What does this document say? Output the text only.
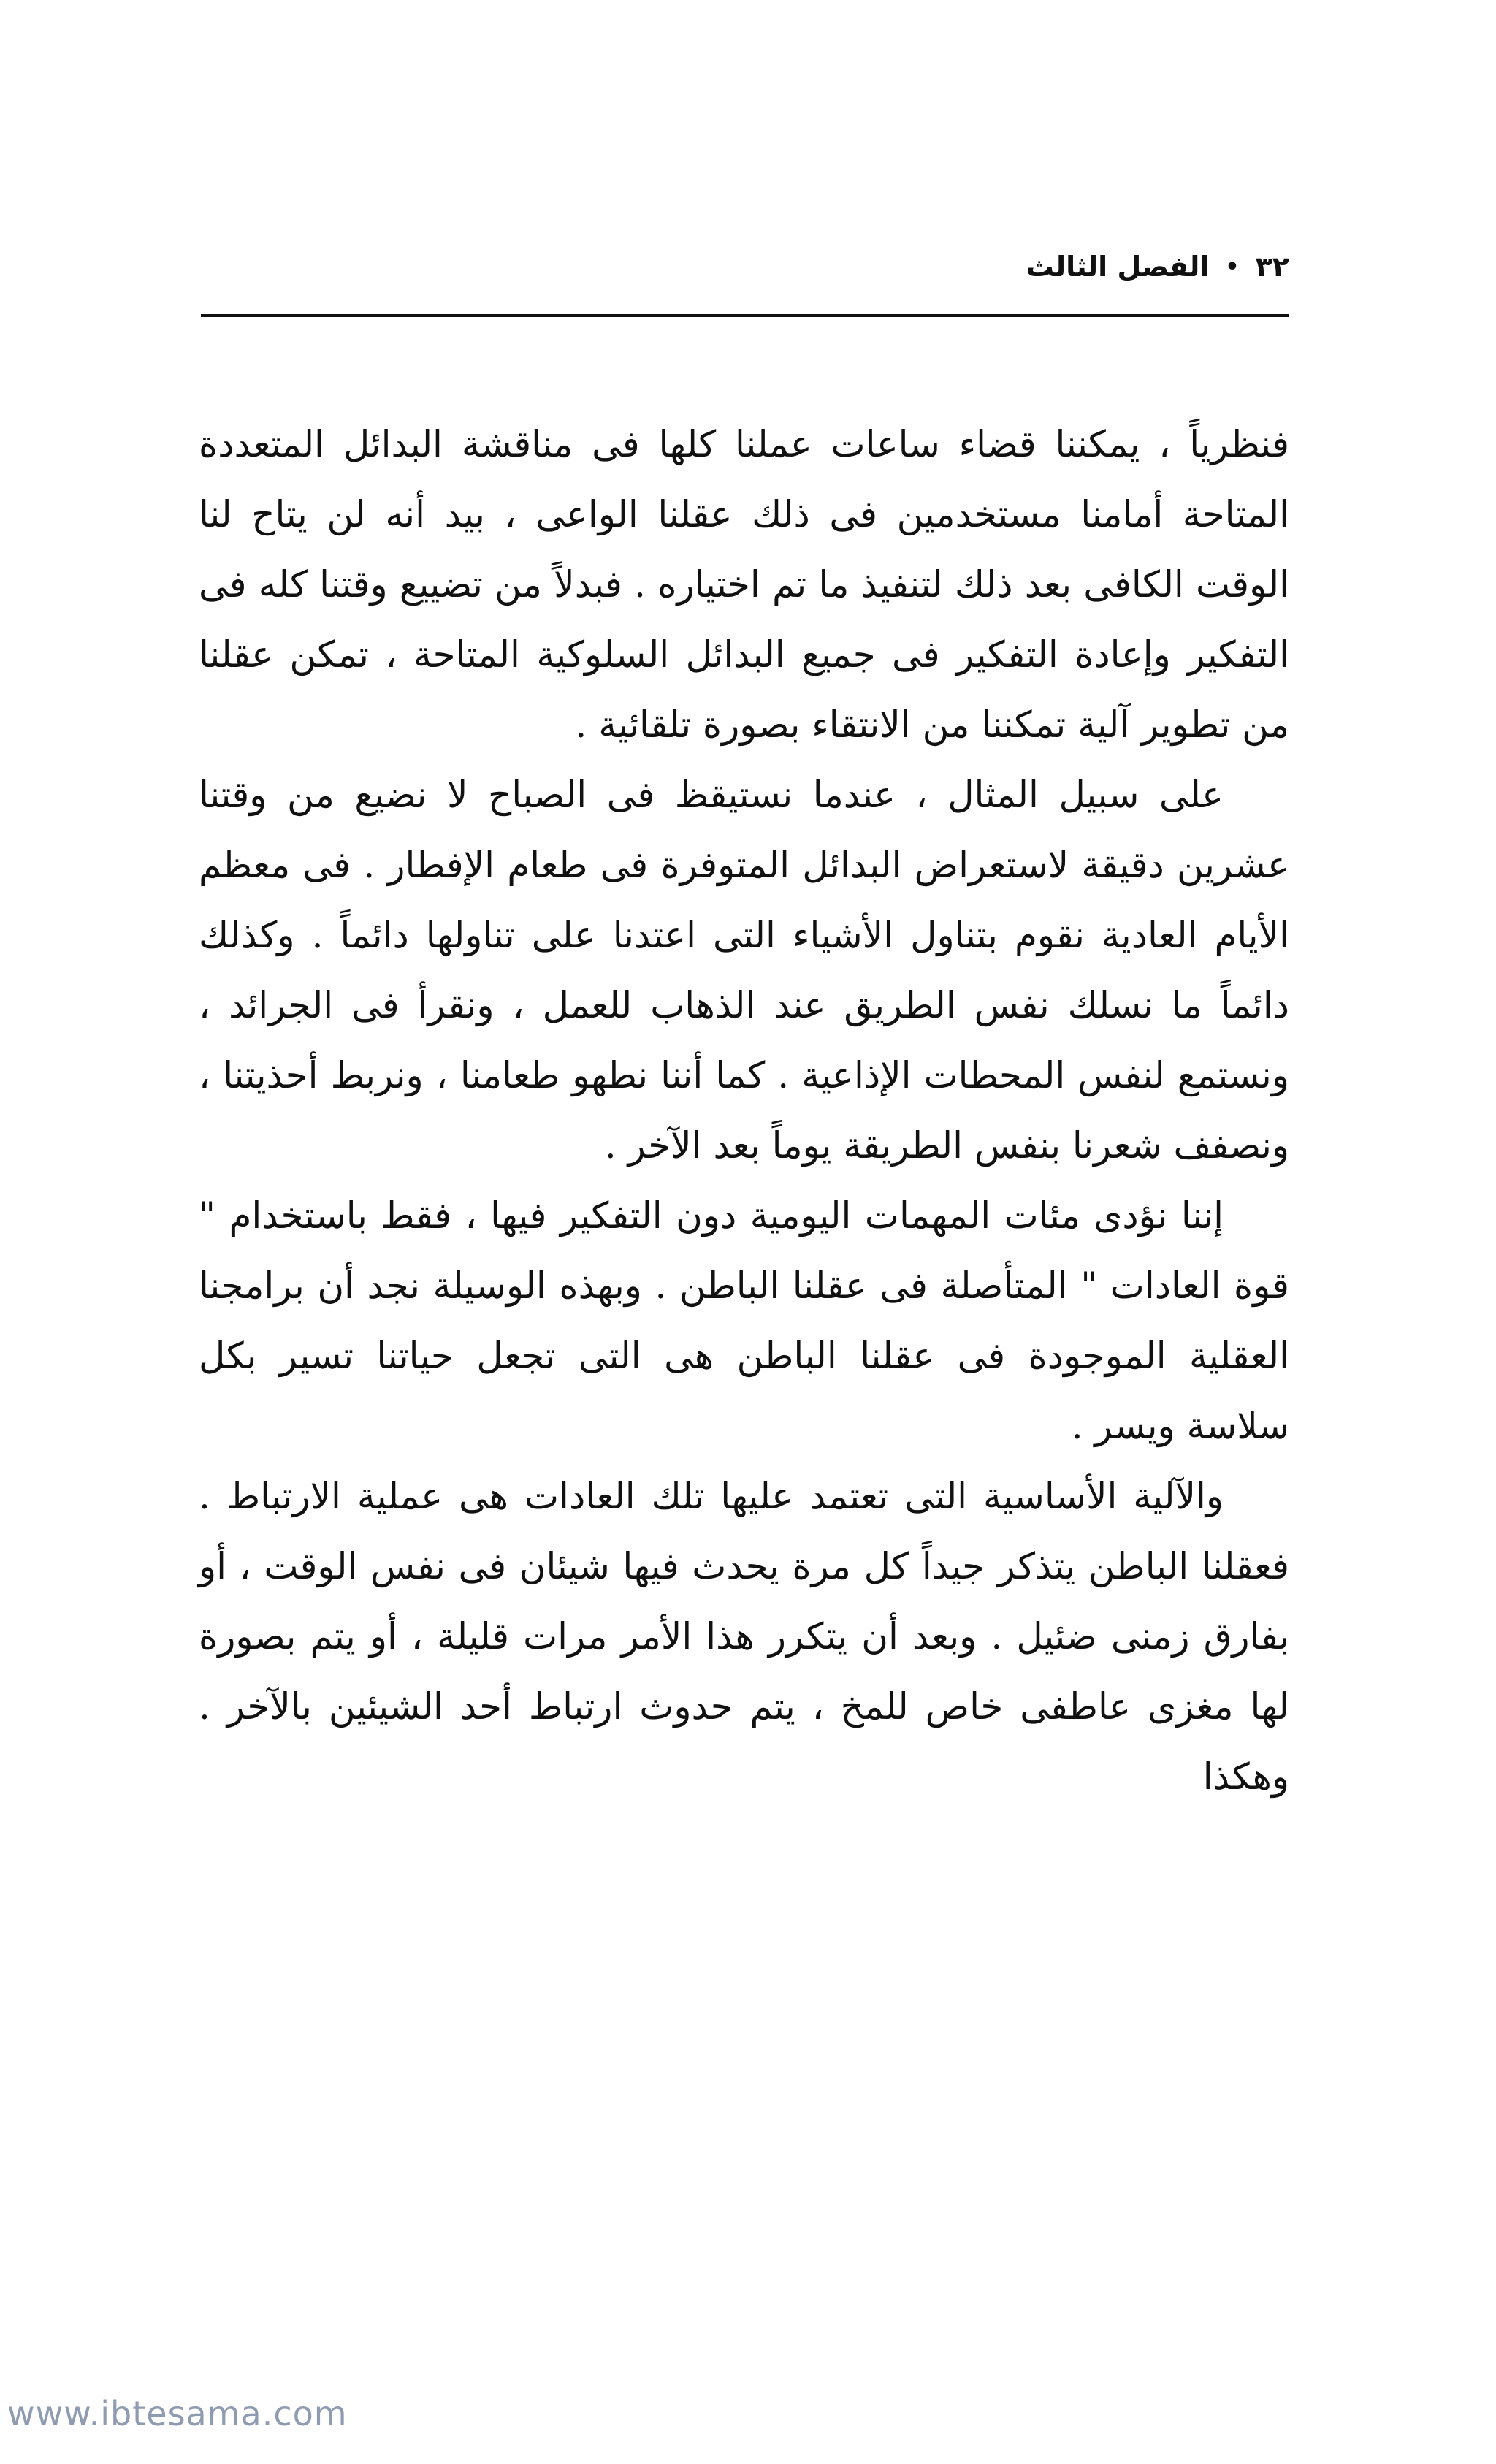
٣٢
•
الفصل الثالث

فنظرياً ، يمكننا قضاء ساعات عملنا كلها فى مناقشة البدائل المتعددة المتاحة أمامنا مستخدمين فى ذلك عقلنا الواعى ، بيد أنه لن يتاح لنا الوقت الكافى بعد ذلك لتنفيذ ما تم اختياره . فبدلاً من تضييع وقتنا كله فى التفكير وإعادة التفكير فى جميع البدائل السلوكية المتاحة ، تمكن عقلنا من تطوير آلية تمكننا من الانتقاء بصورة تلقائية .

على سبيل المثال ، عندما نستيقظ فى الصباح لا نضيع من وقتنا عشرين دقيقة لاستعراض البدائل المتوفرة فى طعام الإفطار . فى معظم الأيام العادية نقوم بتناول الأشياء التى اعتدنا على تناولها دائماً . وكذلك دائماً ما نسلك نفس الطريق عند الذهاب للعمل ، ونقرأ فى الجرائد ، ونستمع لنفس المحطات الإذاعية . كما أننا نطهو طعامنا ، ونربط أحذيتنا ، ونصفف شعرنا بنفس الطريقة يوماً بعد الآخر .

إننا نؤدى مئات المهمات اليومية دون التفكير فيها ، فقط باستخدام " قوة العادات " المتأصلة فى عقلنا الباطن . وبهذه الوسيلة نجد أن برامجنا العقلية الموجودة فى عقلنا الباطن هى التى تجعل حياتنا تسير بكل سلاسة ويسر .

والآلية الأساسية التى تعتمد عليها تلك العادات هى عملية الارتباط . فعقلنا الباطن يتذكر جيداً كل مرة يحدث فيها شيئان فى نفس الوقت ، أو بفارق زمنى ضئيل . وبعد أن يتكرر هذا الأمر مرات قليلة ، أو يتم بصورة لها مغزى عاطفى خاص للمخ ، يتم حدوث ارتباط أحد الشيئين بالآخر . وهكذا

www.ibtesama.com
